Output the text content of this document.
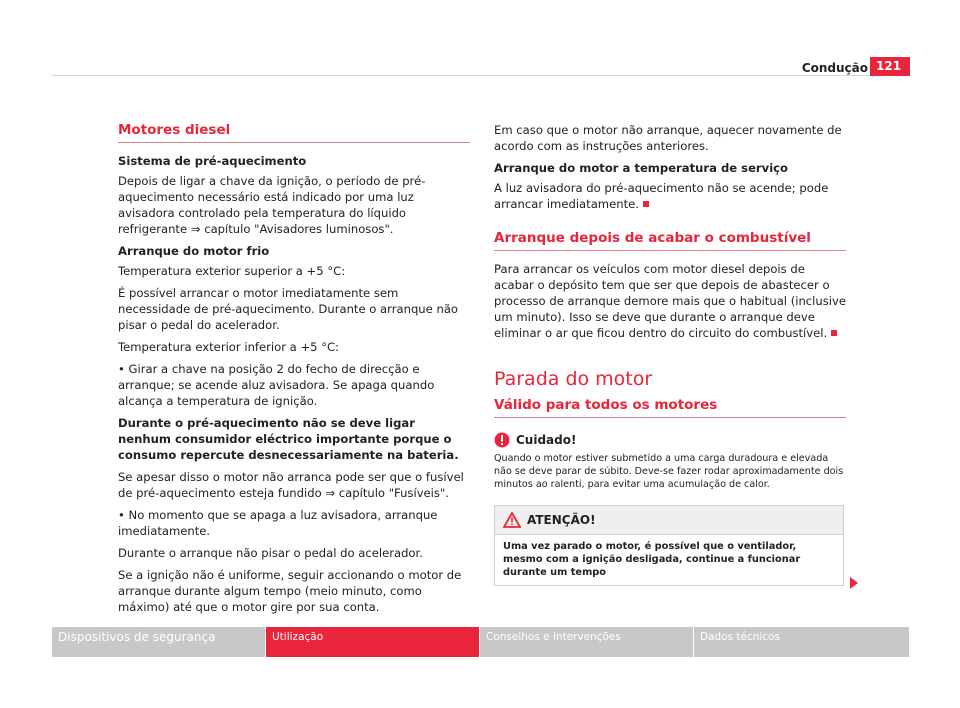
Condução 121
Motores diesel
Sistema de pré-aquecimento

Depois de ligar a chave da ignição, o período de pré-aquecimento necessário está indicado por uma luz avisadora controlado pela temperatura do líquido refrigerante ⇒ capítulo "Avisadores luminosos".

Arranque do motor frio

Temperatura exterior superior a +5 °C:

É possível arrancar o motor imediatamente sem necessidade de pré-aquecimento. Durante o arranque não pisar o pedal do acelerador.

Temperatura exterior inferior a +5 °C:

• Girar a chave na posição 2 do fecho de direcção e arranque; se acende aluz avisadora. Se apaga quando alcança a temperatura de ignição.

Durante o pré-aquecimento não se deve ligar nenhum consumidor eléctrico importante porque o consumo repercute desnecessariamente na bateria.

Se apesar disso o motor não arranca pode ser que o fusível de pré-aquecimento esteja fundido ⇒ capítulo "Fusíveis".

• No momento que se apaga a luz avisadora, arranque imediatamente.

Durante o arranque não pisar o pedal do acelerador.

Se a ignição não é uniforme, seguir accionando o motor de arranque durante algum tempo (meio minuto, como máximo) até que o motor gire por sua conta.

Em caso que o motor não arranque, aquecer novamente de acordo com as instruções anteriores.

Arranque do motor a temperatura de serviço

A luz avisadora do pré-aquecimento não se acende; pode arrancar imediatamente.

Arranque depois de acabar o combustível

Para arrancar os veículos com motor diesel depois de acabar o depósito tem que ser que depois de abastecer o processo de arranque demore mais que o habitual (inclusive um minuto). Isso se deve que durante o arranque deve eliminar o ar que ficou dentro do circuito do combustível.

Parada do motor
Válido para todos os motores
Cuidado!
Quando o motor estiver submetido a uma carga duradoura e elevada não se deve parar de súbito. Deve-se fazer rodar aproximadamente dois minutos ao ralenti, para evitar uma acumulação de calor.
ATENÇÃO!
Uma vez parado o motor, é possível que o ventilador, mesmo com a ignição desligada, continue a funcionar durante um tempo
Dispositivos de segurança	Utilização	Conselhos e intervenções	Dados técnicos
